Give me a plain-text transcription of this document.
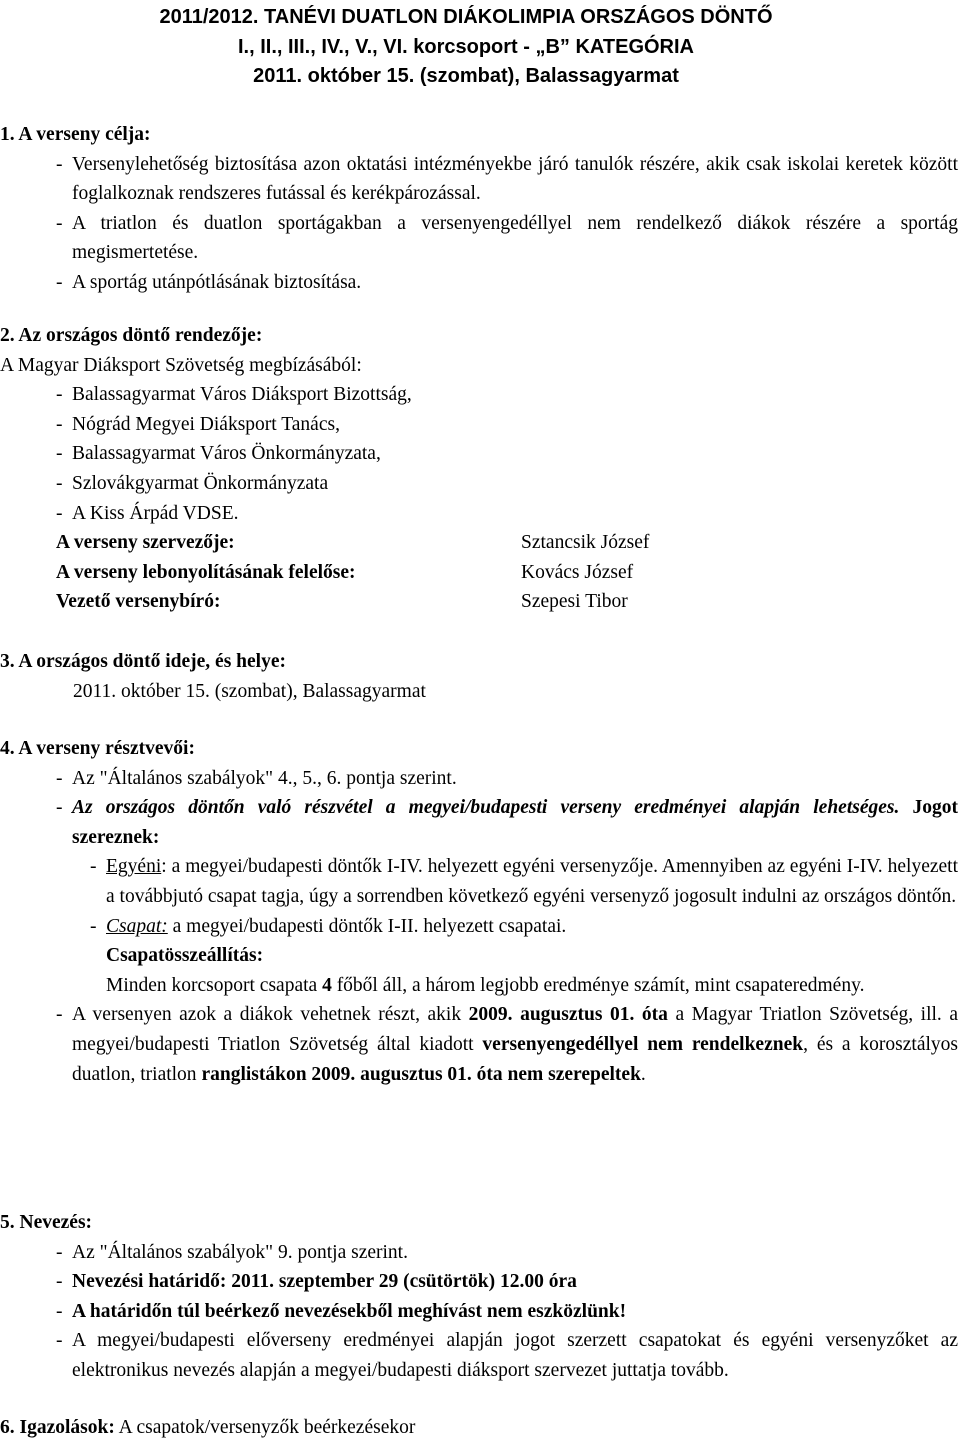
2011/2012. TANÉVI DUATLON DIÁKOLIMPIA ORSZÁGOS DÖNTŐ
I., II., III., IV., V., VI. korcsoport - „B” KATEGÓRIA
2011. október 15. (szombat), Balassagyarmat
1. A verseny célja:
- Versenylehetőség biztosítása azon oktatási intézményekbe járó tanulók részére, akik csak iskolai keretek között foglalkoznak rendszeres futással és kerékpározással.
- A triatlon és duatlon sportágakban a versenyengedéllyel nem rendelkező diákok részére a sportág megismertetése.
- A sportág utánpótlásának biztosítása.
2. Az országos döntő rendezője:
A Magyar Diáksport Szövetség megbízásából:
- Balassagyarmat Város Diáksport Bizottság,
- Nógrád Megyei Diáksport Tanács,
- Balassagyarmat Város Önkormányzata,
- Szlovákgyarmat Önkormányzata
- A Kiss Árpád VDSE.
A verseny szervezője:	Sztancsik József
A verseny lebonyolításának felelőse:	Kovács József
Vezető versenybíró:	Szepesi Tibor
3. A országos döntő ideje, és helye:
2011. október 15. (szombat), Balassagyarmat
4. A verseny résztvevői:
- Az "Általános szabályok" 4., 5., 6. pontja szerint.
- Az országos döntőn való részvétel a megyei/budapesti verseny eredményei alapján lehetséges. Jogot szereznek:
- Egyéni: a megyei/budapesti döntők I-IV. helyezett egyéni versenyzője. Amennyiben az egyéni I-IV. helyezett a továbbjutó csapat tagja, úgy a sorrendben következő egyéni versenyző jogosult indulni az országos döntőn.
- Csapat: a megyei/budapesti döntők I-II. helyezett csapatai.
Csapatösszeállítás:
Minden korcsoport csapata 4 főből áll, a három legjobb eredménye számít, mint csapateredmény.
- A versenyen azok a diákok vehetnek részt, akik 2009. augusztus 01. óta a Magyar Triatlon Szövetség, ill. a megyei/budapesti Triatlon Szövetség által kiadott versenyengedéllyel nem rendelkeznek, és a korosztályos duatlon, triatlon ranglistákon 2009. augusztus 01. óta nem szerepeltek.
5. Nevezés:
- Az "Általános szabályok" 9. pontja szerint.
- Nevezési határidő: 2011. szeptember 29 (csütörtök) 12.00 óra
- A határidőn túl beérkező nevezésekből meghívást nem eszközlünk!
- A megyei/budapesti előverseny eredményei alapján jogot szerzett csapatokat és egyéni versenyzőket az elektronikus nevezés alapján a megyei/budapesti diáksport szervezet juttatja tovább.
6. Igazolások: A csapatok/versenyzők beérkezésekor
